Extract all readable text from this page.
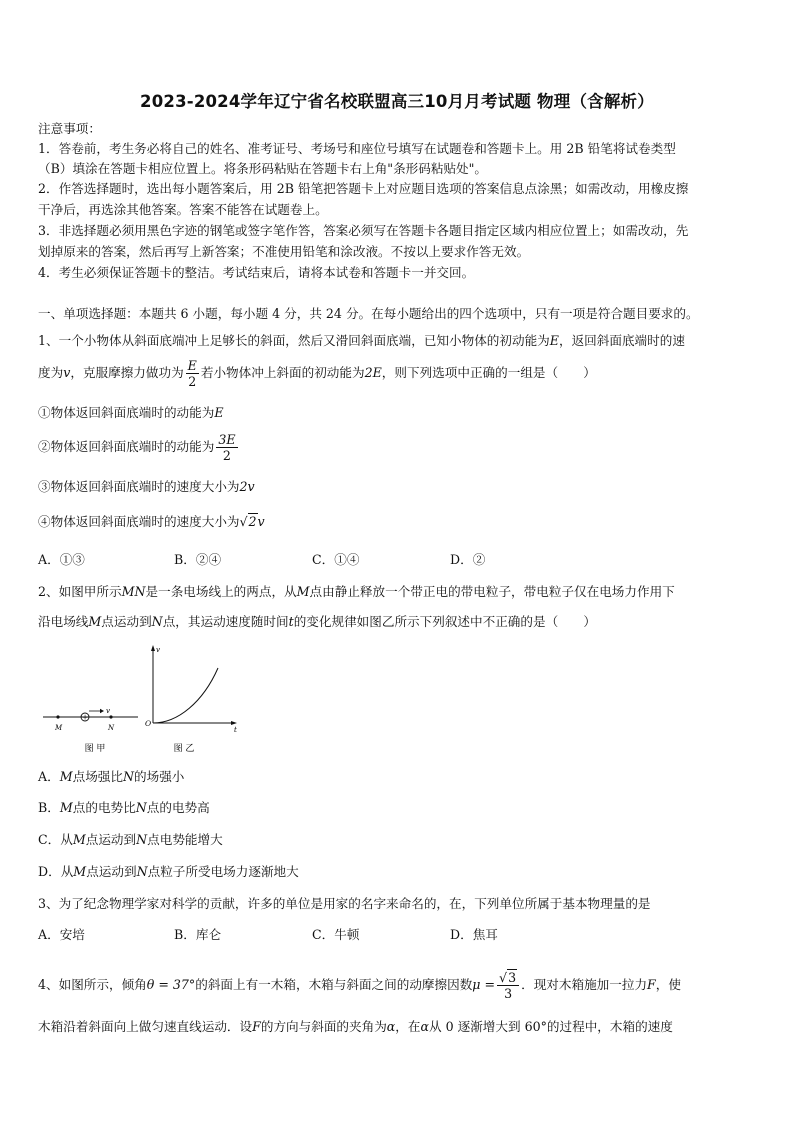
2023-2024学年辽宁省名校联盟高三10月月考试题 物理（含解析）
注意事项：
1．答卷前，考生务必将自己的姓名、准考证号、考场号和座位号填写在试题卷和答题卡上。用 2B 铅笔将试卷类型
（B）填涂在答题卡相应位置上。将条形码粘贴在答题卡右上角"条形码粘贴处"。
2．作答选择题时，选出每小题答案后，用 2B 铅笔把答题卡上对应题目选项的答案信息点涂黑；如需改动，用橡皮擦
干净后，再选涂其他答案。答案不能答在试题卷上。
3．非选择题必须用黑色字迹的钢笔或签字笔作答，答案必须写在答题卡各题目指定区域内相应位置上；如需改动，先
划掉原来的答案，然后再写上新答案；不准使用铅笔和涂改液。不按以上要求作答无效。
4．考生必须保证答题卡的整洁。考试结束后，请将本试卷和答题卡一并交回。
一、单项选择题：本题共 6 小题，每小题 4 分，共 24 分。在每小题给出的四个选项中，只有一项是符合题目要求的。
1、一个小物体从斜面底端冲上足够长的斜面，然后又滑回斜面底端，已知小物体的初动能为E，返回斜面底端时的速
度为v，克服摩擦力做功为 $\frac{E}{2}$ 若小物体冲上斜面的初动能为2E，则下列选项中正确的一组是（　　）
①物体返回斜面底端时的动能为E
②物体返回斜面底端时的动能为 $\frac{3E}{2}$
③物体返回斜面底端时的速度大小为2v
④物体返回斜面底端时的速度大小为√2v
A．①③	B．②④	C．①④	D．②
2、如图甲所示MN是一条电场线上的两点，从M点由静止释放一个带正电的带电粒子，带电粒子仅在电场力作用下
沿电场线M点运动到N点，其运动速度随时间t的变化规律如图乙所示下列叙述中不正确的是（　　）
+
v
M	N
图 甲
v
O
t
图 乙
A．M点场强比N的场强小
B．M点的电势比N点的电势高
C．从M点运动到N点电势能增大
D．从M点运动到N点粒子所受电场力逐渐地大
3、为了纪念物理学家对科学的贡献，许多的单位是用家的名字来命名的，在，下列单位所属于基本物理量的是
A．安培	B．库仑	C．牛顿	D．焦耳
4、如图所示，倾角θ = 37°的斜面上有一木箱，木箱与斜面之间的动摩擦因数$\mu = \frac{√3}{3}$ ．现对木箱施加一拉力F，使
木箱沿着斜面向上做匀速直线运动．设F的方向与斜面的夹角为α，在α从 0 逐渐增大到 60°的过程中，木箱的速度
